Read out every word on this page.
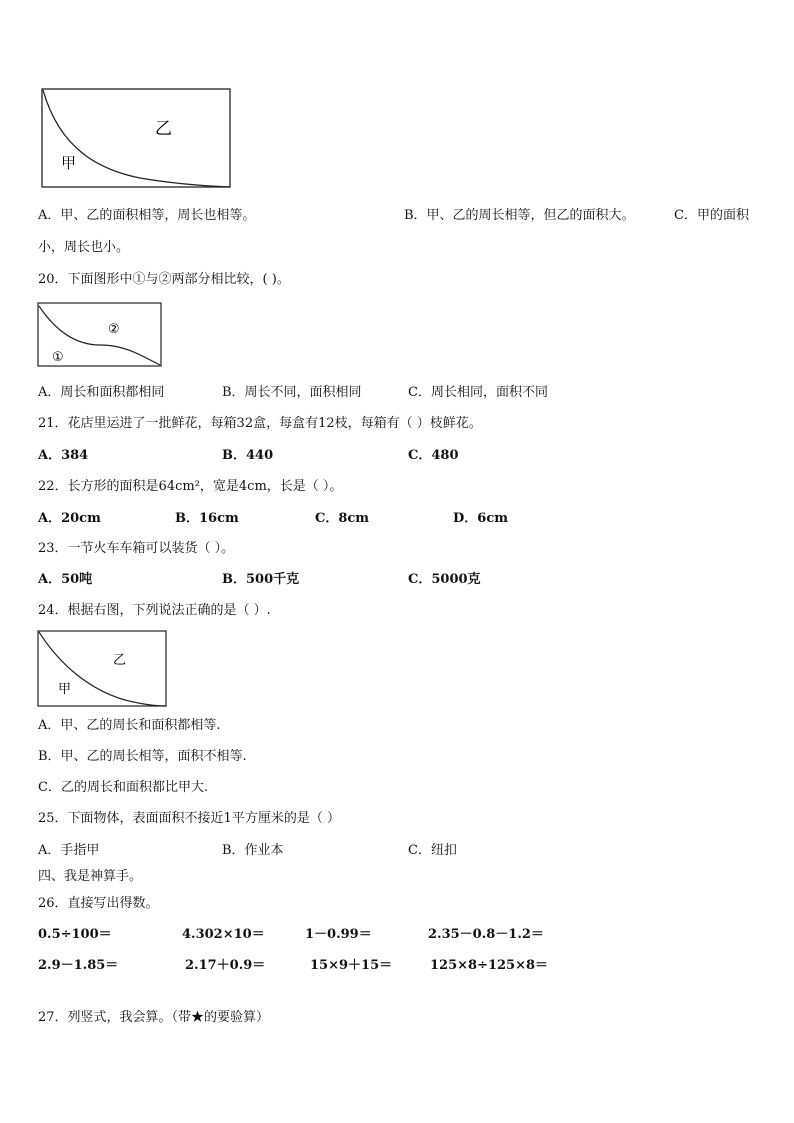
乙
甲
A．甲、乙的面积相等，周长也相等。	B．甲、乙的周长相等，但乙的面积大。	C．甲的面积
小，周长也小。
20．下面图形中①与②两部分相比较，( )。
②
①
A．周长和面积都相同	B．周长不同，面积相同	C．周长相同，面积不同
21．花店里运进了一批鲜花，每箱32盒，每盒有12枝，每箱有（ ）枝鲜花。
A．384	B．440	C．480
22．长方形的面积是64cm²，宽是4cm，长是（ ）。
A．20cm	B．16cm	C．8cm	D．6cm
23．一节火车车箱可以装货（ ）。
A．50吨	B．500千克	C．5000克
24．根据右图，下列说法正确的是（ ）.
乙
甲
A．甲、乙的周长和面积都相等.
B．甲、乙的周长相等，面积不相等.
C．乙的周长和面积都比甲大.
25．下面物体，表面面积不接近1平方厘米的是（ ）
A．手指甲	B．作业本	C．纽扣
四、我是神算手。
26．直接写出得数。
0.5÷100＝	4.302×10＝	1－0.99＝	2.35－0.8－1.2＝
2.9－1.85＝	2.17＋0.9＝	15×9＋15＝	125×8÷125×8＝
27．列竖式，我会算。（带★的要验算）
